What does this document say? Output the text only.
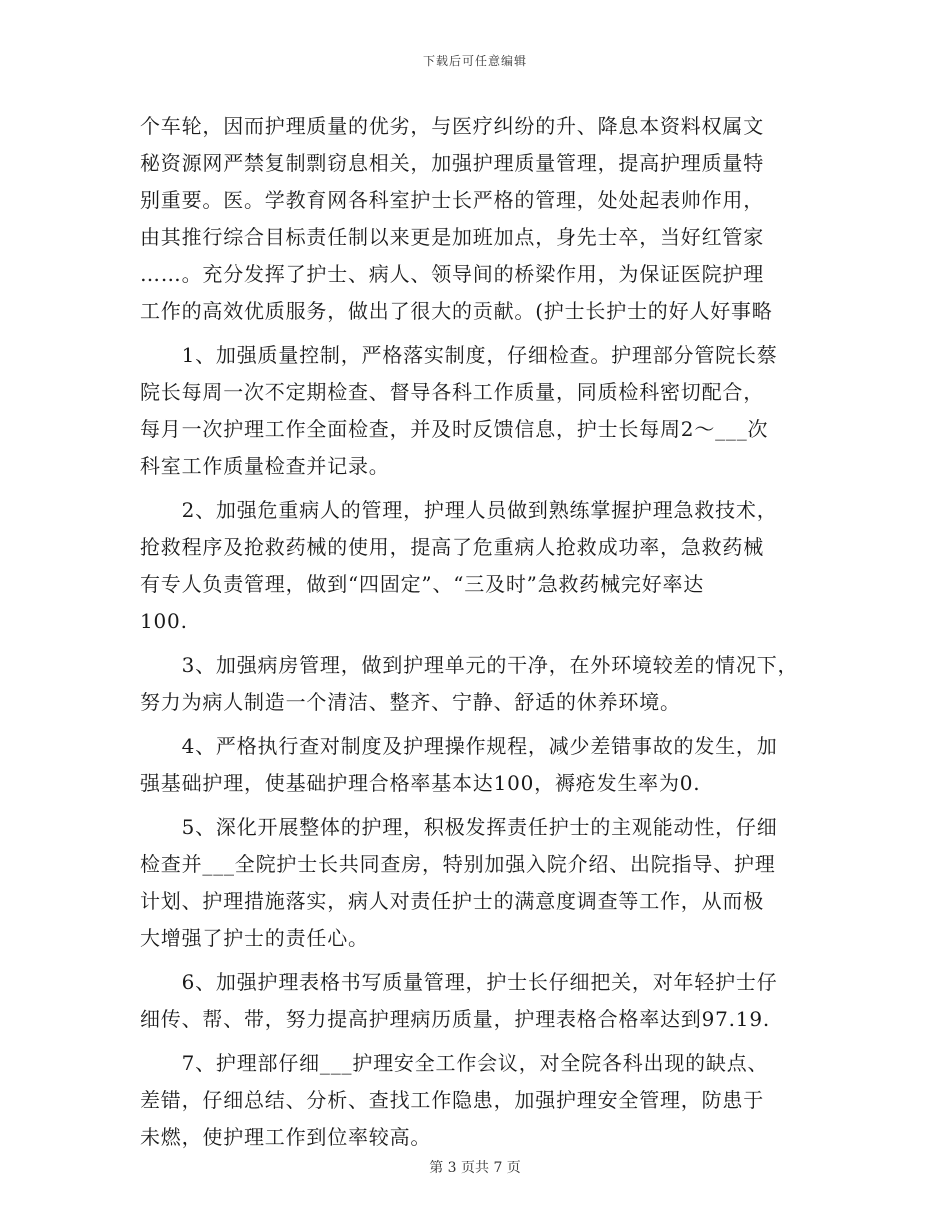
下载后可任意编辑
个车轮，因而护理质量的优劣，与医疗纠纷的升、降息本资料权属文
秘资源网严禁复制剽窃息相关，加强护理质量管理，提高护理质量特
别重要。医。学教育网各科室护士长严格的管理，处处起表帅作用，
由其推行综合目标责任制以来更是加班加点，身先士卒，当好红管家
……。充分发挥了护士、病人、领导间的桥梁作用，为保证医院护理
工作的高效优质服务，做出了很大的贡献。(护士长护士的好人好事略
　　1、加强质量控制，严格落实制度，仔细检查。护理部分管院长蔡
院长每周一次不定期检查、督导各科工作质量，同质检科密切配合，
每月一次护理工作全面检查，并及时反馈信息，护士长每周2～___次
科室工作质量检查并记录。
　　2、加强危重病人的管理，护理人员做到熟练掌握护理急救技术，
抢救程序及抢救药械的使用，提高了危重病人抢救成功率，急救药械
有专人负责管理，做到“四固定”、“三及时”急救药械完好率达
100.
　　3、加强病房管理，做到护理单元的干净，在外环境较差的情况下，
努力为病人制造一个清洁、整齐、宁静、舒适的休养环境。
　　4、严格执行查对制度及护理操作规程，减少差错事故的发生，加
强基础护理，使基础护理合格率基本达100，褥疮发生率为0.
　　5、深化开展整体的护理，积极发挥责任护士的主观能动性，仔细
检查并___全院护士长共同查房，特别加强入院介绍、出院指导、护理
计划、护理措施落实，病人对责任护士的满意度调查等工作，从而极
大增强了护士的责任心。
　　6、加强护理表格书写质量管理，护士长仔细把关，对年轻护士仔
细传、帮、带，努力提高护理病历质量，护理表格合格率达到97.19.
　　7、护理部仔细___护理安全工作会议，对全院各科出现的缺点、
差错，仔细总结、分析、查找工作隐患，加强护理安全管理，防患于
未燃，使护理工作到位率较高。
第 3 页共 7 页
